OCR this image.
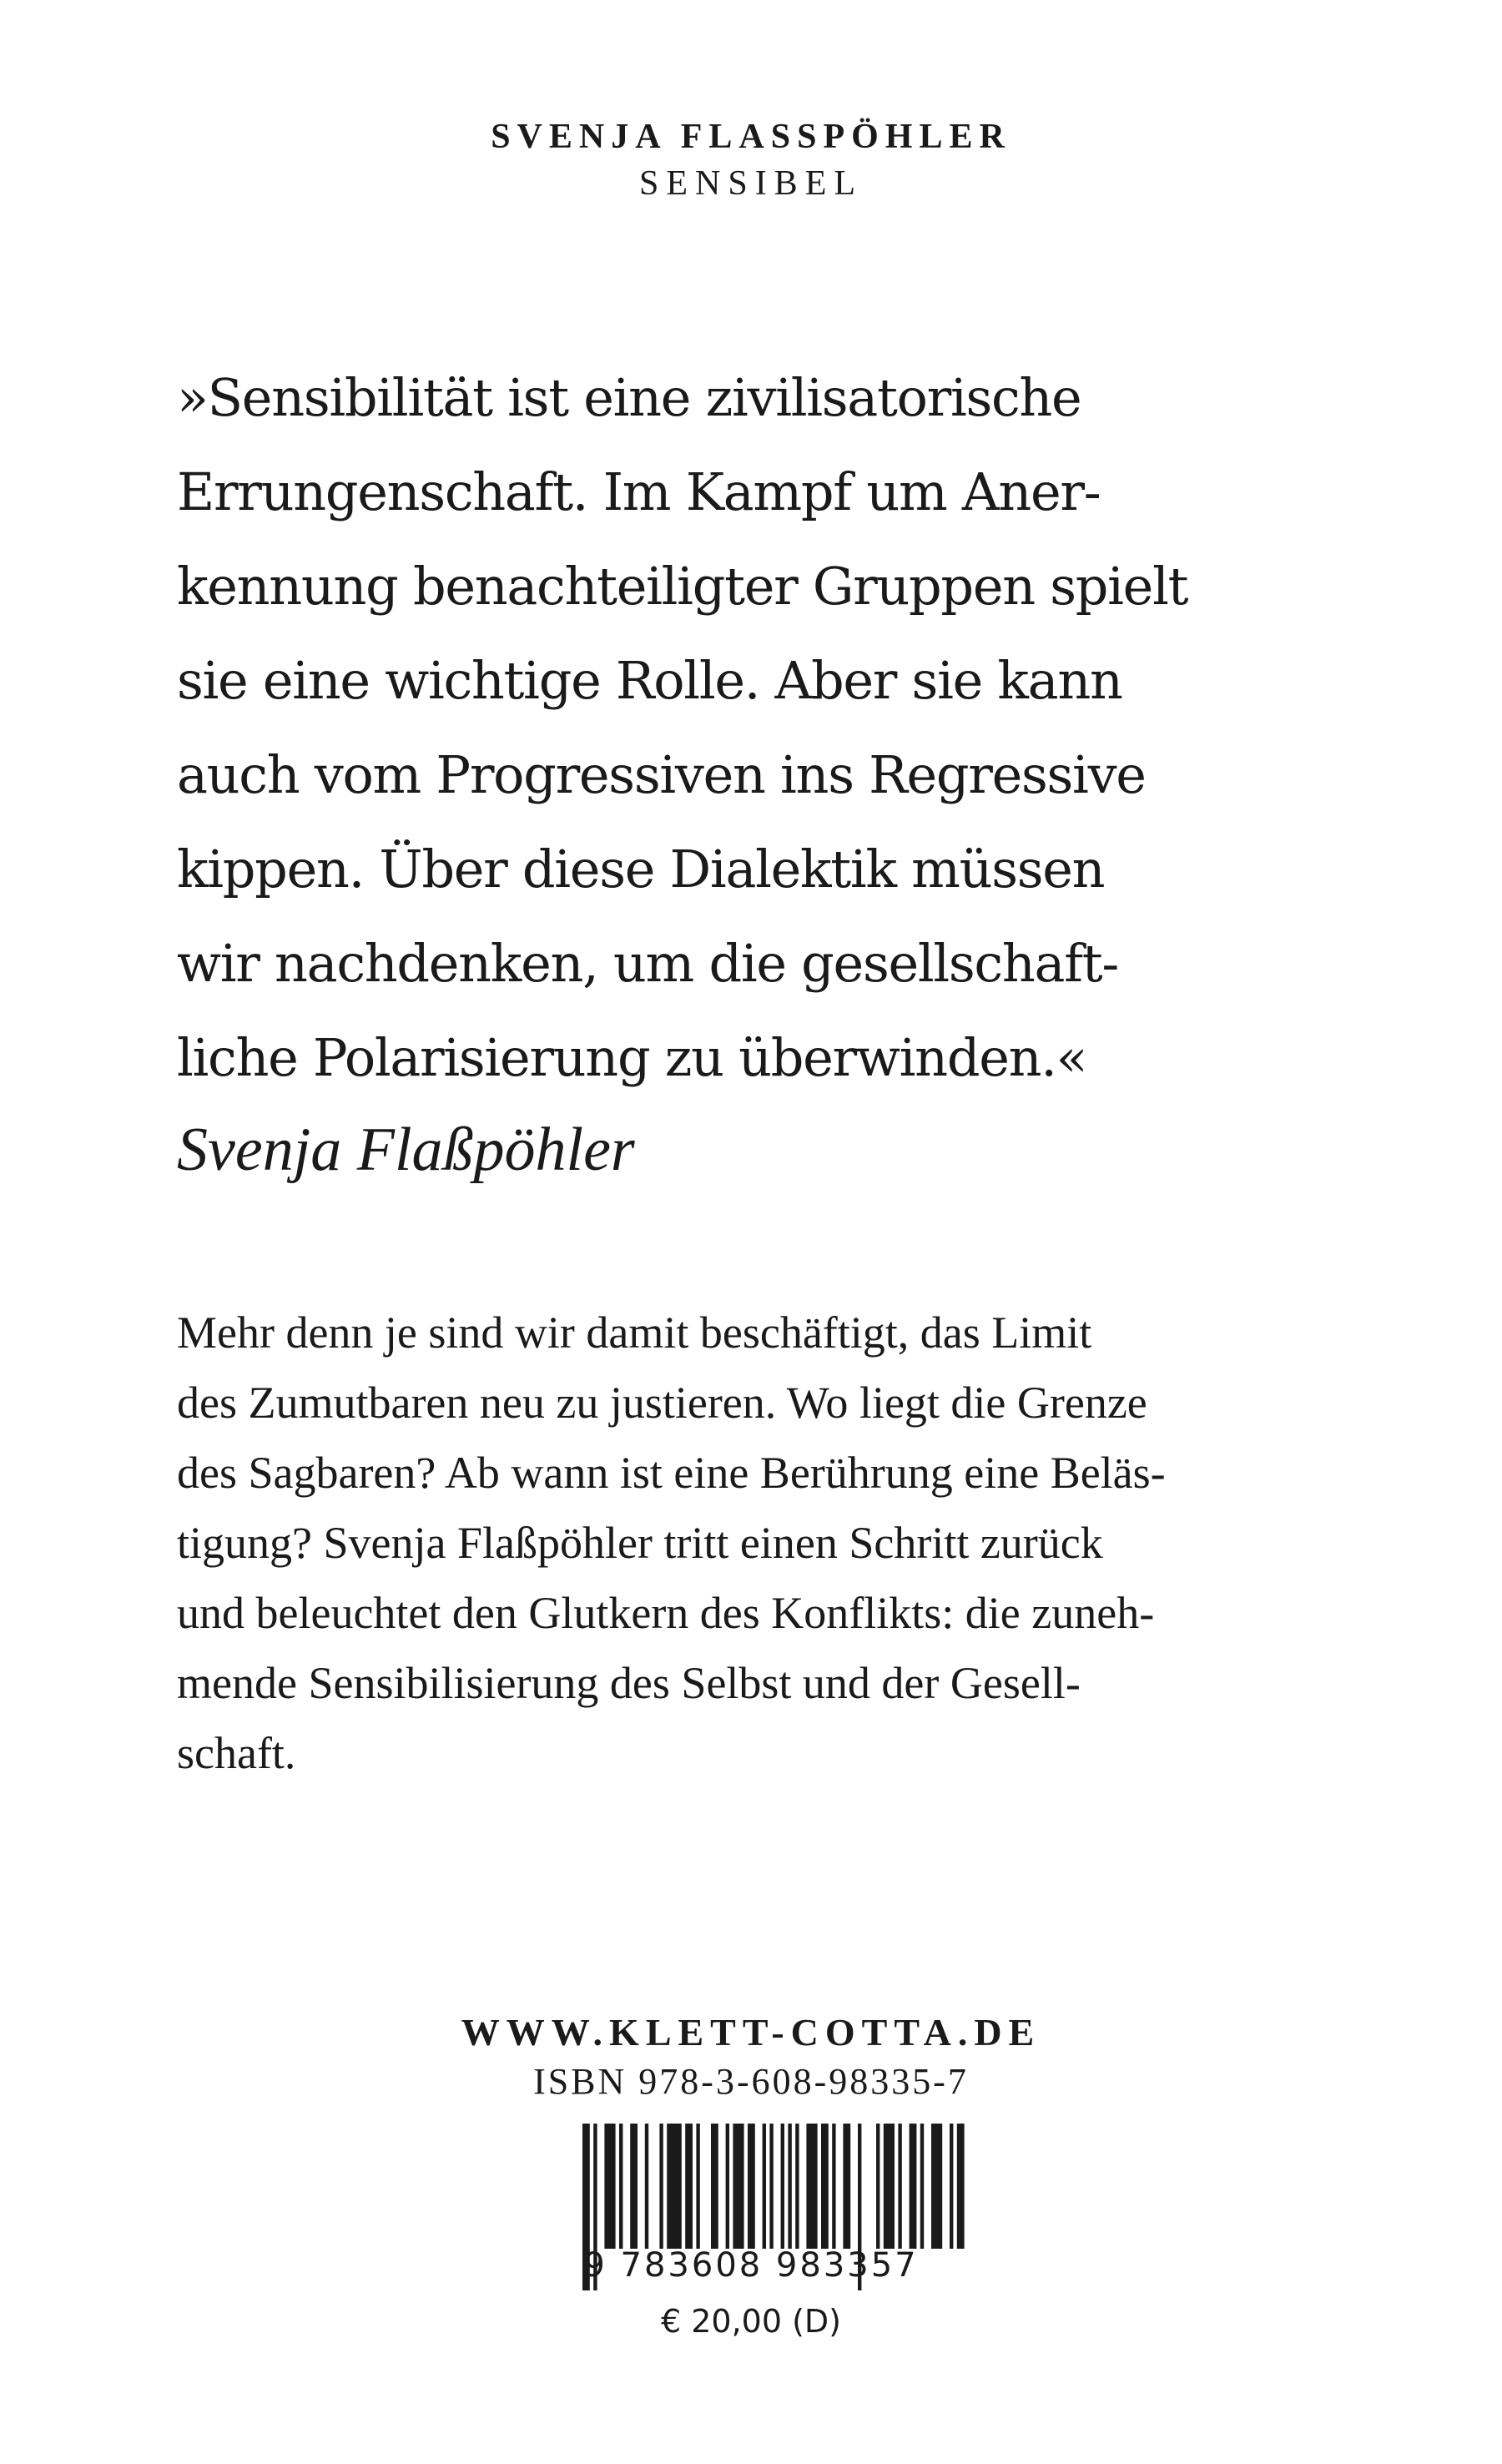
SVENJA FLASSPÖHLER
SENSIBEL
»Sensibilität ist eine zivilisatorische
Errungenschaft. Im Kampf um Aner-
kennung benachteiligter Gruppen spielt
sie eine wichtige Rolle. Aber sie kann
auch vom Progressiven ins Regressive
kippen. Über diese Dialektik müssen
wir nachdenken, um die gesellschaft-
liche Polarisierung zu überwinden.«
Svenja Flaßpöhler
Mehr denn je sind wir damit beschäftigt, das Limit
des Zumutbaren neu zu justieren. Wo liegt die Grenze
des Sagbaren? Ab wann ist eine Berührung eine Beläs-
tigung? Svenja Flaßpöhler tritt einen Schritt zurück
und beleuchtet den Glutkern des Konflikts: die zuneh-
mende Sensibilisierung des Selbst und der Gesell-
schaft.
WWW.KLETT-COTTA.DE
ISBN 978-3-608-98335-7
9 783608 983357
€ 20,00 (D)
